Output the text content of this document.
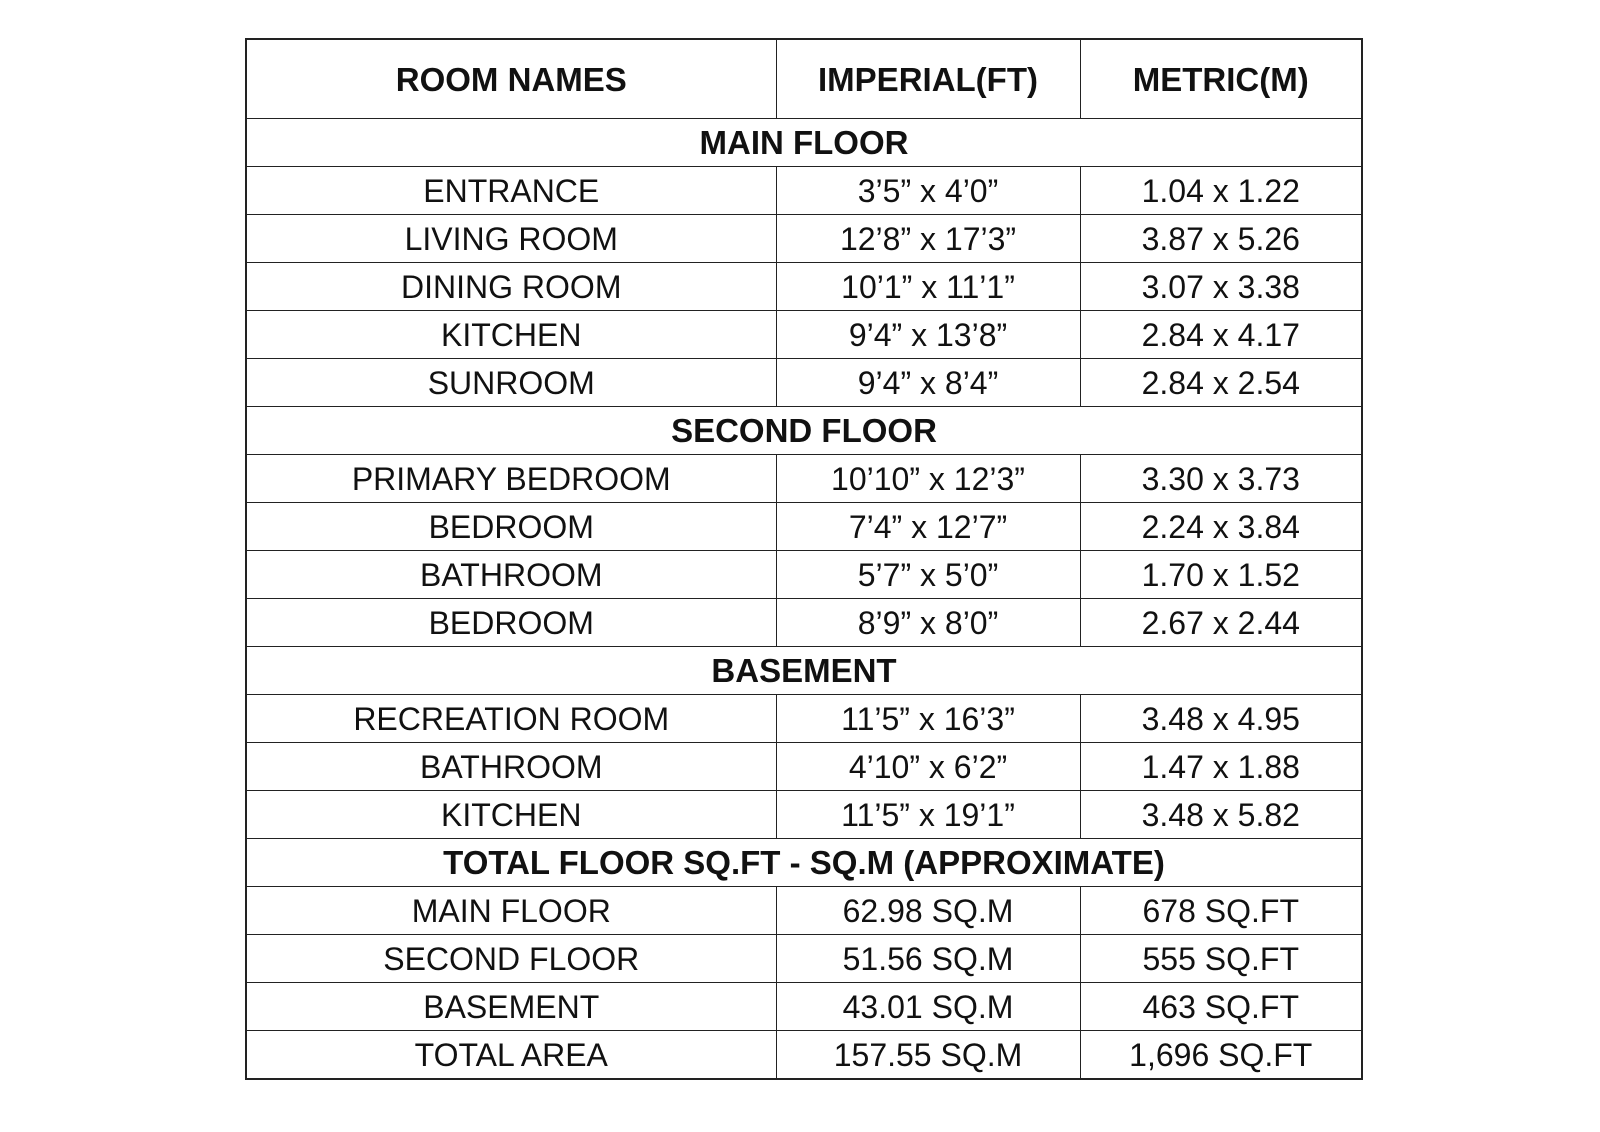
ROOM NAMES	IMPERIAL(FT)	METRIC(M)
MAIN FLOOR		
ENTRANCE	3’5” x 4’0”	1.04 x 1.22
LIVING ROOM	12’8” x 17’3”	3.87 x 5.26
DINING ROOM	10’1” x 11’1”	3.07 x 3.38
KITCHEN	9’4” x 13’8”	2.84 x 4.17
SUNROOM	9’4” x 8’4”	2.84 x 2.54
SECOND FLOOR		
PRIMARY BEDROOM	10’10” x 12’3”	3.30 x 3.73
BEDROOM	7’4” x 12’7”	2.24 x 3.84
BATHROOM	5’7” x 5’0”	1.70 x 1.52
BEDROOM	8’9” x 8’0”	2.67 x 2.44
BASEMENT		
RECREATION ROOM	11’5” x 16’3”	3.48 x 4.95
BATHROOM	4’10” x 6’2”	1.47 x 1.88
KITCHEN	11’5” x 19’1”	3.48 x 5.82
TOTAL FLOOR SQ.FT - SQ.M (APPROXIMATE)		
MAIN FLOOR	62.98 SQ.M	678 SQ.FT
SECOND FLOOR	51.56 SQ.M	555 SQ.FT
BASEMENT	43.01 SQ.M	463 SQ.FT
TOTAL AREA	157.55 SQ.M	1,696 SQ.FT
